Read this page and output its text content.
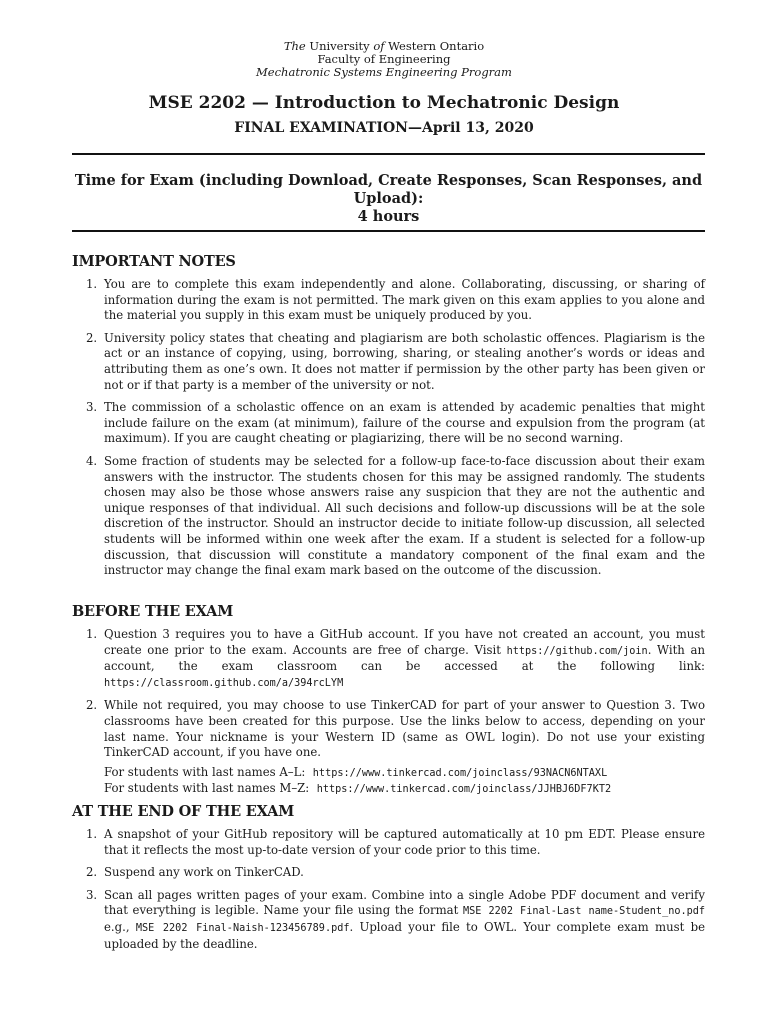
The University of Western Ontario
Faculty of Engineering
Mechatronic Systems Engineering Program
MSE 2202 — Introduction to Mechatronic Design
FINAL EXAMINATION—April 13, 2020
Time for Exam (including Download, Create Responses, Scan Responses, and Upload):
4 hours
IMPORTANT NOTES
1. You are to complete this exam independently and alone. Collaborating, discussing, or sharing of information during the exam is not permitted. The mark given on this exam applies to you alone and the material you supply in this exam must be uniquely produced by you.
2. University policy states that cheating and plagiarism are both scholastic offences. Plagiarism is the act or an instance of copying, using, borrowing, sharing, or stealing another’s words or ideas and attributing them as one’s own. It does not matter if permission by the other party has been given or not or if that party is a member of the university or not.
3. The commission of a scholastic offence on an exam is attended by academic penalties that might include failure on the exam (at minimum), failure of the course and expulsion from the program (at maximum). If you are caught cheating or plagiarizing, there will be no second warning.
4. Some fraction of students may be selected for a follow-up face-to-face discussion about their exam answers with the instructor. The students chosen for this may be assigned randomly. The students chosen may also be those whose answers raise any suspicion that they are not the authentic and unique responses of that individual. All such decisions and follow-up discussions will be at the sole discretion of the instructor. Should an instructor decide to initiate follow-up discussion, all selected students will be informed within one week after the exam. If a student is selected for a follow-up discussion, that discussion will constitute a mandatory component of the final exam and the instructor may change the final exam mark based on the outcome of the discussion.
BEFORE THE EXAM
1. Question 3 requires you to have a GitHub account. If you have not created an account, you must create one prior to the exam. Accounts are free of charge. Visit https://github.com/join. With an account, the exam classroom can be accessed at the following link: https://classroom.github.com/a/394rcLYM
2. While not required, you may choose to use TinkerCAD for part of your answer to Question 3. Two classrooms have been created for this purpose. Use the links below to access, depending on your last name. Your nickname is your Western ID (same as OWL login). Do not use your existing TinkerCAD account, if you have one.
For students with last names A–L: https://www.tinkercad.com/joinclass/93NACN6NTAXL
For students with last names M–Z: https://www.tinkercad.com/joinclass/JJHBJ6DF7KT2
AT THE END OF THE EXAM
1. A snapshot of your GitHub repository will be captured automatically at 10 pm EDT. Please ensure that it reflects the most up-to-date version of your code prior to this time.
2. Suspend any work on TinkerCAD.
3. Scan all pages written pages of your exam. Combine into a single Adobe PDF document and verify that everything is legible. Name your file using the format MSE 2202 Final-Last name-Student_no.pdf e.g., MSE 2202 Final-Naish-123456789.pdf. Upload your file to OWL. Your complete exam must be uploaded by the deadline.
